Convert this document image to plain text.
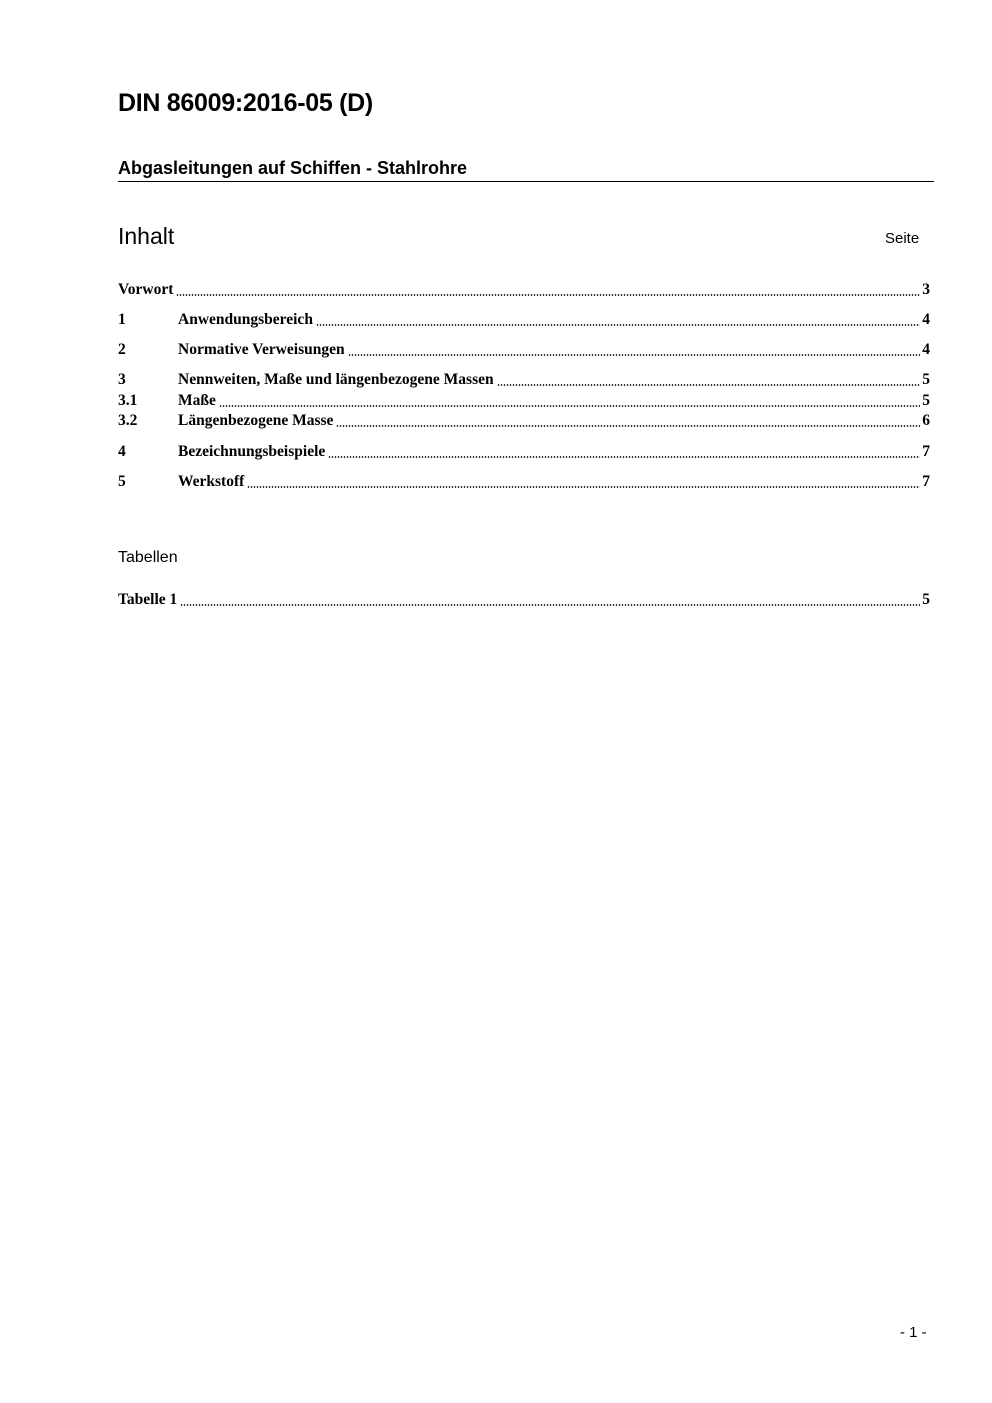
DIN 86009:2016-05 (D)
Abgasleitungen auf Schiffen - Stahlrohre
Inhalt	Seite
Vorwort	3
1	Anwendungsbereich	4
2	Normative Verweisungen	4
3	Nennweiten, Maße und längenbezogene Massen	5
3.1	Maße	5
3.2	Längenbezogene Masse	6
4	Bezeichnungsbeispiele	7
5	Werkstoff	7
Tabelle 1	5
Tabellen
- 1 -
